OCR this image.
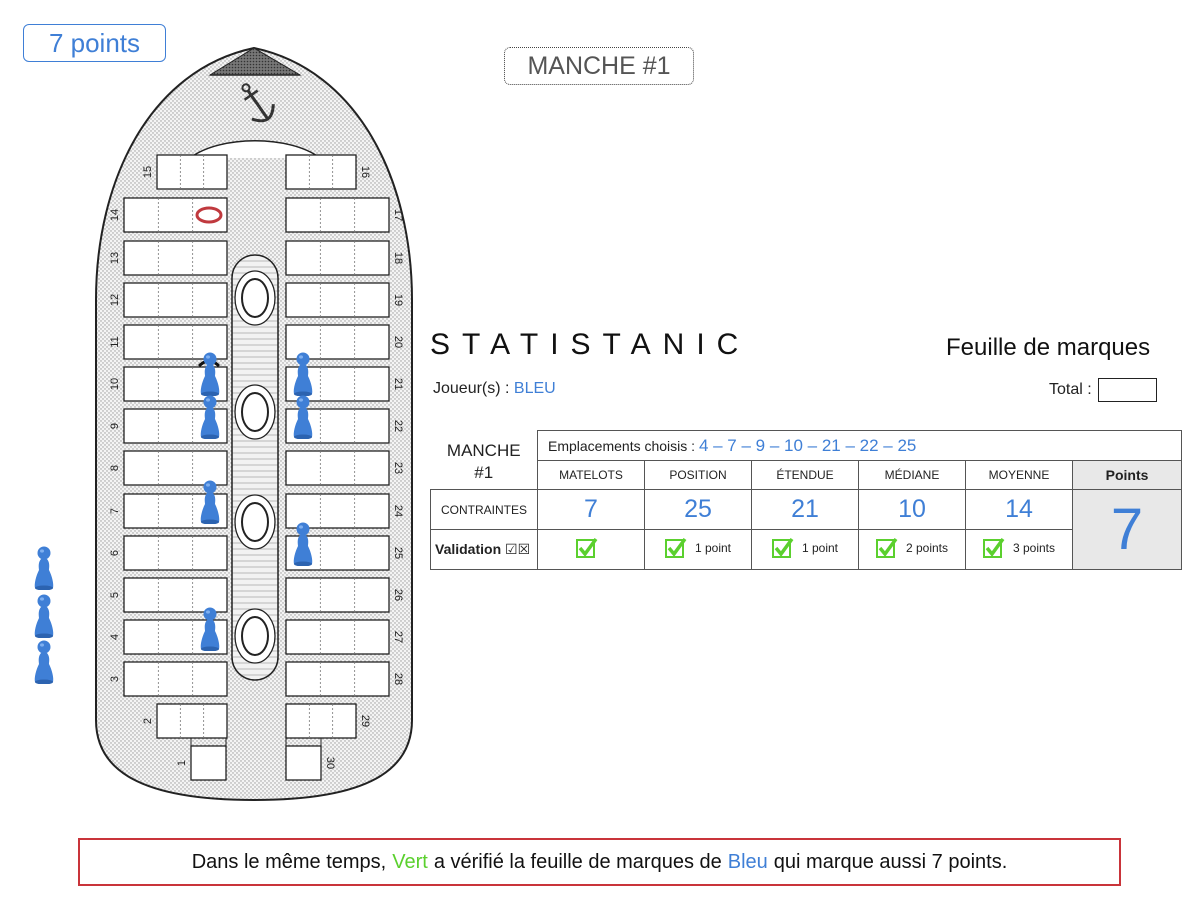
7 points
MANCHE #1
15
14
13
12
11
10
9
8
7
6
5
4
3
2
1
16
17
18
19
20
21
22
23
24
25
26
27
28
29
30
STATISTANIC	Feuille de marques
Joueur(s) : BLEU	Total :
MANCHE
#1	Emplacements choisis : 4 – 7 – 9 – 10 – 21 – 22 – 25					
	MATELOTS	POSITION	ÉTENDUE	MÉDIANE	MOYENNE	Points
CONTRAINTES	7	25	21	10	14	7
Validation ☑☒		1 point	1 point	2 points	3 points	
Dans le même temps, Vert a vérifié la feuille de marques de Bleu qui marque aussi 7 points.
